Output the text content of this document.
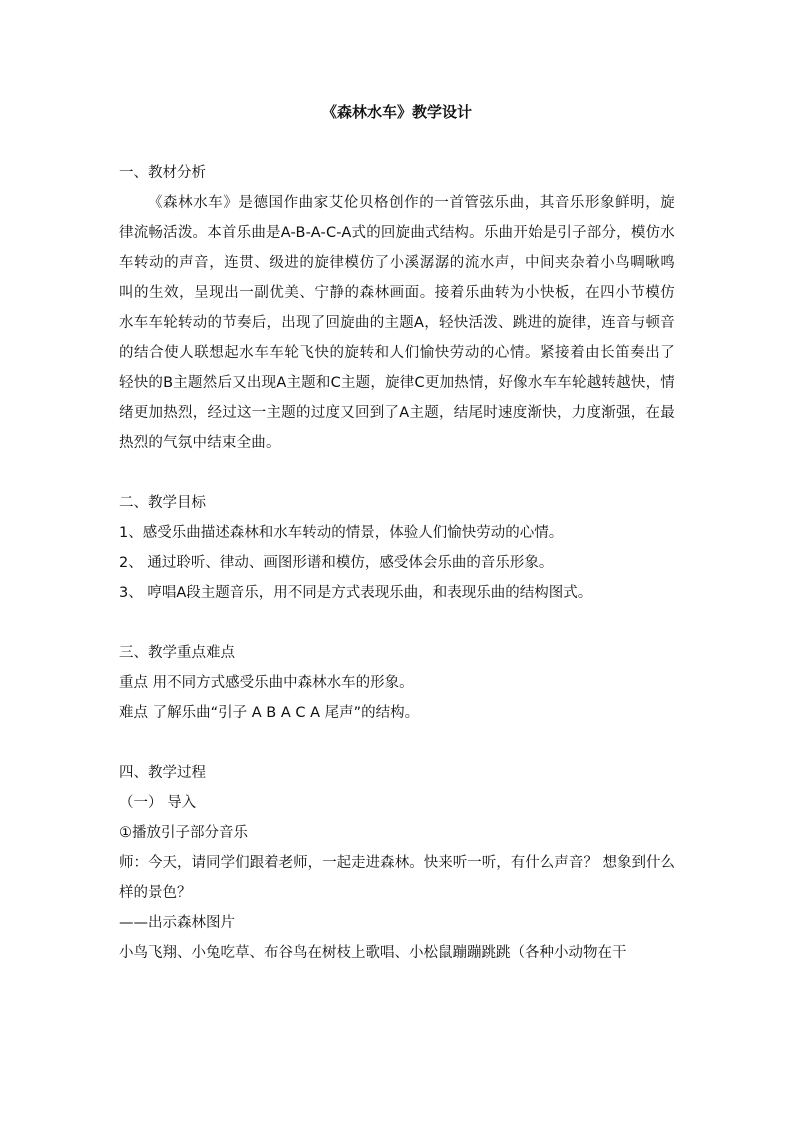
《森林水车》教学设计

一、教材分析

《森林水车》是德国作曲家艾伦贝格创作的一首管弦乐曲，其音乐形象鲜明，旋律流畅活泼。本首乐曲是A-B-A-C-A式的回旋曲式结构。乐曲开始是引子部分，模仿水车转动的声音，连贯、级进的旋律模仿了小溪潺潺的流水声，中间夹杂着小鸟啁啾鸣叫的生效，呈现出一副优美、宁静的森林画面。接着乐曲转为小快板，在四小节模仿水车车轮转动的节奏后，出现了回旋曲的主题A，轻快活泼、跳进的旋律，连音与顿音的结合使人联想起水车车轮飞快的旋转和人们愉快劳动的心情。紧接着由长笛奏出了轻快的B主题然后又出现A主题和C主题，旋律C更加热情，好像水车车轮越转越快，情绪更加热烈，经过这一主题的过度又回到了A主题，结尾时速度渐快，力度渐强，在最热烈的气氛中结束全曲。

二、教学目标

1、感受乐曲描述森林和水车转动的情景，体验人们愉快劳动的心情。

2、 通过聆听、律动、画图形谱和模仿，感受体会乐曲的音乐形象。

3、 哼唱A段主题音乐，用不同是方式表现乐曲，和表现乐曲的结构图式。

三、教学重点难点

重点 用不同方式感受乐曲中森林水车的形象。

难点 了解乐曲“引子 A B A C A 尾声”的结构。

四、教学过程

（一） 导入

①播放引子部分音乐

师：今天，请同学们跟着老师，一起走进森林。快来听一听，有什么声音？ 想象到什么样的景色？

——出示森林图片

小鸟飞翔、小兔吃草、布谷鸟在树枝上歌唱、小松鼠蹦蹦跳跳（各种小动物在干
